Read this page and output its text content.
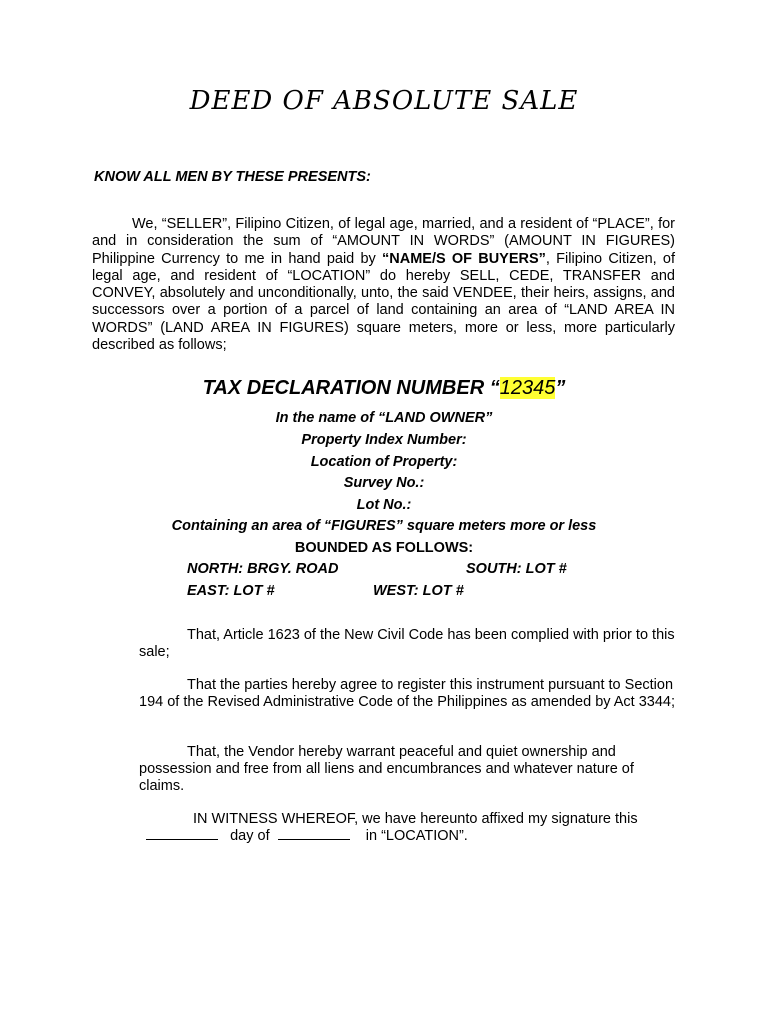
DEED OF ABSOLUTE SALE
KNOW ALL MEN BY THESE PRESENTS:

We, “SELLER”, Filipino Citizen, of legal age, married, and a resident of “PLACE”, for and in consideration the sum of “AMOUNT IN WORDS” (AMOUNT IN FIGURES) Philippine Currency to me in hand paid by “NAME/S OF BUYERS”, Filipino Citizen, of legal age, and resident of “LOCATION” do hereby SELL, CEDE, TRANSFER and CONVEY, absolutely and unconditionally, unto, the said VENDEE, their heirs, assigns, and successors over a portion of a parcel of land containing an area of “LAND AREA IN WORDS” (LAND AREA IN FIGURES) square meters, more or less, more particularly described as follows;

TAX DECLARATION NUMBER “12345”
In the name of “LAND OWNER”
Property Index Number:
Location of Property:
Survey No.:
Lot No.:
Containing an area of “FIGURES” square meters more or less
BOUNDED AS FOLLOWS:
NORTH: BRGY. ROAD	SOUTH: LOT #
EAST: LOT #	WEST: LOT #

That, Article 1623 of the New Civil Code has been complied with prior to this sale;

That the parties hereby agree to register this instrument pursuant to Section 194 of the Revised Administrative Code of the Philippines as amended by Act 3344;

That, the Vendor hereby warrant peaceful and quiet ownership and possession and free from all liens and encumbrances and whatever nature of claims.

IN WITNESS WHEREOF, we have hereunto affixed my signature this
day of	in “LOCATION”.
